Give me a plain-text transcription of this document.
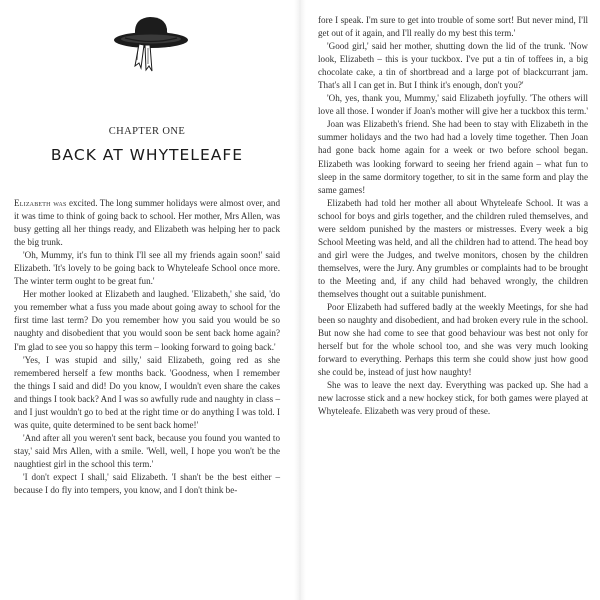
CHAPTER ONE
BACK AT WHYTELEAFE

Elizabeth was excited. The long summer holidays were almost over, and it was time to think of going back to school. Her mother, Mrs Allen, was busy getting all her things ready, and Elizabeth was helping her to pack the big trunk.

'Oh, Mummy, it's fun to think I'll see all my friends again soon!' said Elizabeth. 'It's lovely to be going back to Whyteleafe School once more. The winter term ought to be great fun.'

Her mother looked at Elizabeth and laughed. 'Elizabeth,' she said, 'do you remember what a fuss you made about going away to school for the first time last term? Do you remember how you said you would be so naughty and disobedient that you would soon be sent back home again? I'm glad to see you so happy this term – looking forward to going back.'

'Yes, I was stupid and silly,' said Elizabeth, going red as she remembered herself a few months back. 'Goodness, when I remember the things I said and did! Do you know, I wouldn't even share the cakes and things I took back? And I was so awfully rude and naughty in class – and I just wouldn't go to bed at the right time or do anything I was told. I was quite, quite determined to be sent back home!'

'And after all you weren't sent back, because you found you wanted to stay,' said Mrs Allen, with a smile. 'Well, well, I hope you won't be the naughtiest girl in the school this term.'

'I don't expect I shall,' said Elizabeth. 'I shan't be the best either – because I do fly into tempers, you know, and I don't think be-

fore I speak. I'm sure to get into trouble of some sort! But never mind, I'll get out of it again, and I'll really do my best this term.'

'Good girl,' said her mother, shutting down the lid of the trunk. 'Now look, Elizabeth – this is your tuckbox. I've put a tin of toffees in, a big chocolate cake, a tin of shortbread and a large pot of blackcurrant jam. That's all I can get in. But I think it's enough, don't you?'

'Oh, yes, thank you, Mummy,' said Elizabeth joyfully. 'The others will love all those. I wonder if Joan's mother will give her a tuckbox this term.'

Joan was Elizabeth's friend. She had been to stay with Elizabeth in the summer holidays and the two had had a lovely time together. Then Joan had gone back home again for a week or two before school began. Elizabeth was looking forward to seeing her friend again – what fun to sleep in the same dormitory together, to sit in the same form and play the same games!

Elizabeth had told her mother all about Whyteleafe School. It was a school for boys and girls together, and the children ruled themselves, and were seldom punished by the masters or mistresses. Every week a big School Meeting was held, and all the children had to attend. The head boy and girl were the Judges, and twelve monitors, chosen by the children themselves, were the Jury. Any grumbles or complaints had to be brought to the Meeting and, if any child had behaved wrongly, the children themselves thought out a suitable punishment.

Poor Elizabeth had suffered badly at the weekly Meetings, for she had been so naughty and disobedient, and had broken every rule in the school. But now she had come to see that good behaviour was best not only for herself but for the whole school too, and she was very much looking forward to everything. Perhaps this term she could show just how good she could be, instead of just how naughty!

She was to leave the next day. Everything was packed up. She had a new lacrosse stick and a new hockey stick, for both games were played at Whyteleafe. Elizabeth was very proud of these.
